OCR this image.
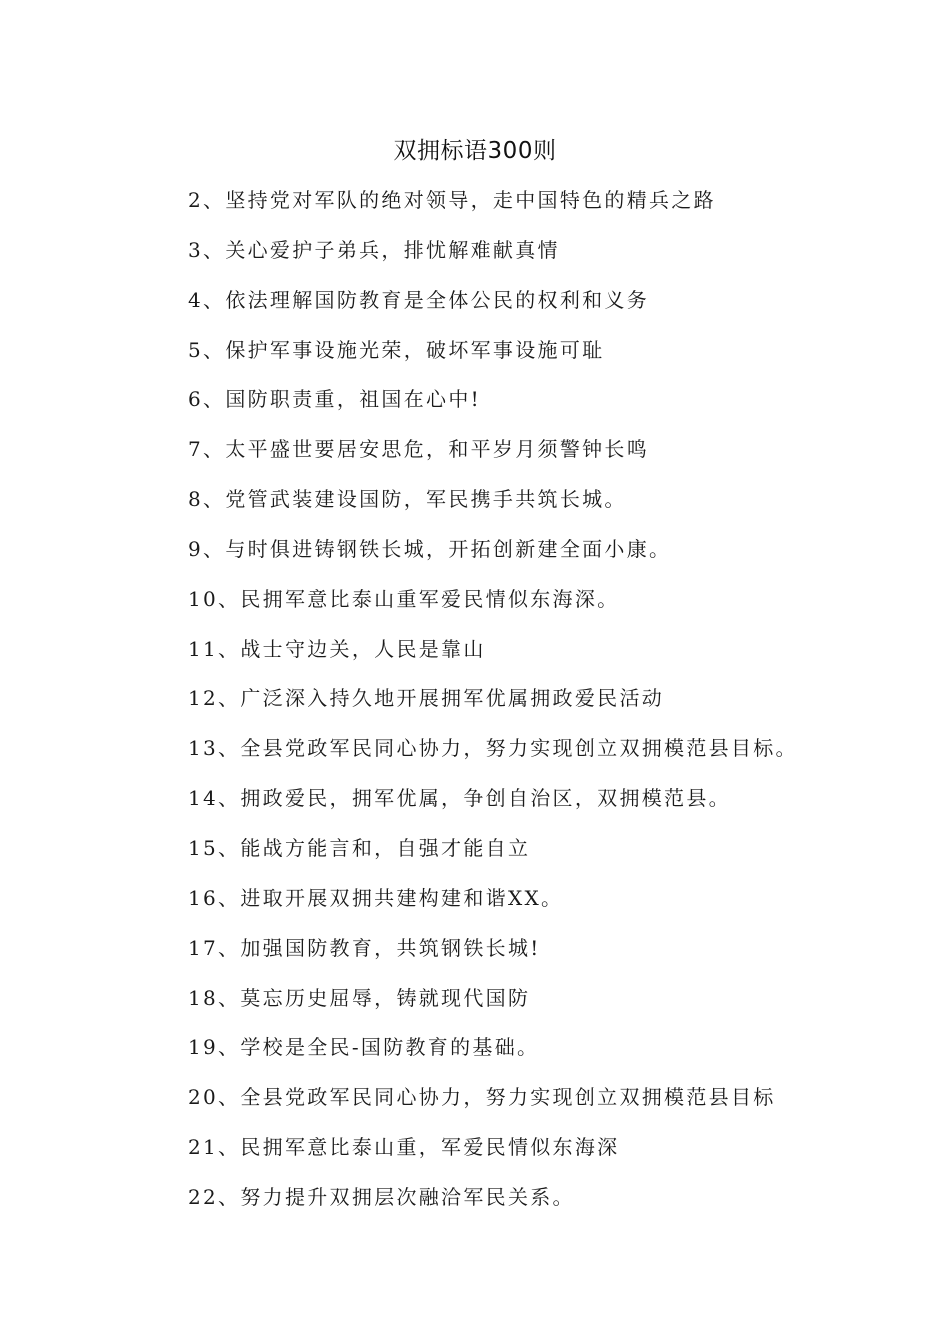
双拥标语300则
2、坚持党对军队的绝对领导，走中国特色的精兵之路
3、关心爱护子弟兵，排忧解难献真情
4、依法理解国防教育是全体公民的权利和义务
5、保护军事设施光荣，破坏军事设施可耻
6、国防职责重，祖国在心中!
7、太平盛世要居安思危，和平岁月须警钟长鸣
8、党管武装建设国防，军民携手共筑长城。
9、与时俱进铸钢铁长城，开拓创新建全面小康。
10、民拥军意比泰山重军爱民情似东海深。
11、战士守边关，人民是靠山
12、广泛深入持久地开展拥军优属拥政爱民活动
13、全县党政军民同心协力，努力实现创立双拥模范县目标。
14、拥政爱民，拥军优属，争创自治区，双拥模范县。
15、能战方能言和，自强才能自立
16、进取开展双拥共建构建和谐XX。
17、加强国防教育，共筑钢铁长城!
18、莫忘历史屈辱，铸就现代国防
19、学校是全民-国防教育的基础。
20、全县党政军民同心协力，努力实现创立双拥模范县目标
21、民拥军意比泰山重，军爱民情似东海深
22、努力提升双拥层次融洽军民关系。
